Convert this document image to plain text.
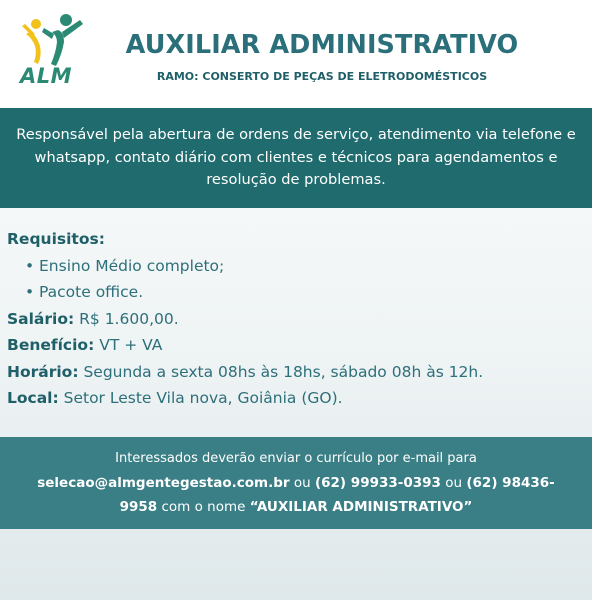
ALM
AUXILIAR ADMINISTRATIVO
RAMO: CONSERTO DE PEÇAS DE ELETRODOMÉSTICOS

Responsável pela abertura de ordens de serviço, atendimento via telefone e whatsapp, contato diário com clientes e técnicos para agendamentos e resolução de problemas.

Requisitos:
• Ensino Médio completo;
• Pacote office.
Salário: R$ 1.600,00.
Benefício: VT + VA
Horário: Segunda a sexta 08hs às 18hs, sábado 08h às 12h.
Local: Setor Leste Vila nova, Goiânia (GO).
Interessados deverão enviar o currículo por e-mail para
selecao@almgentegestao.com.br ou (62) 99933-0393 ou (62) 98436-
9958 com o nome “AUXILIAR ADMINISTRATIVO”
